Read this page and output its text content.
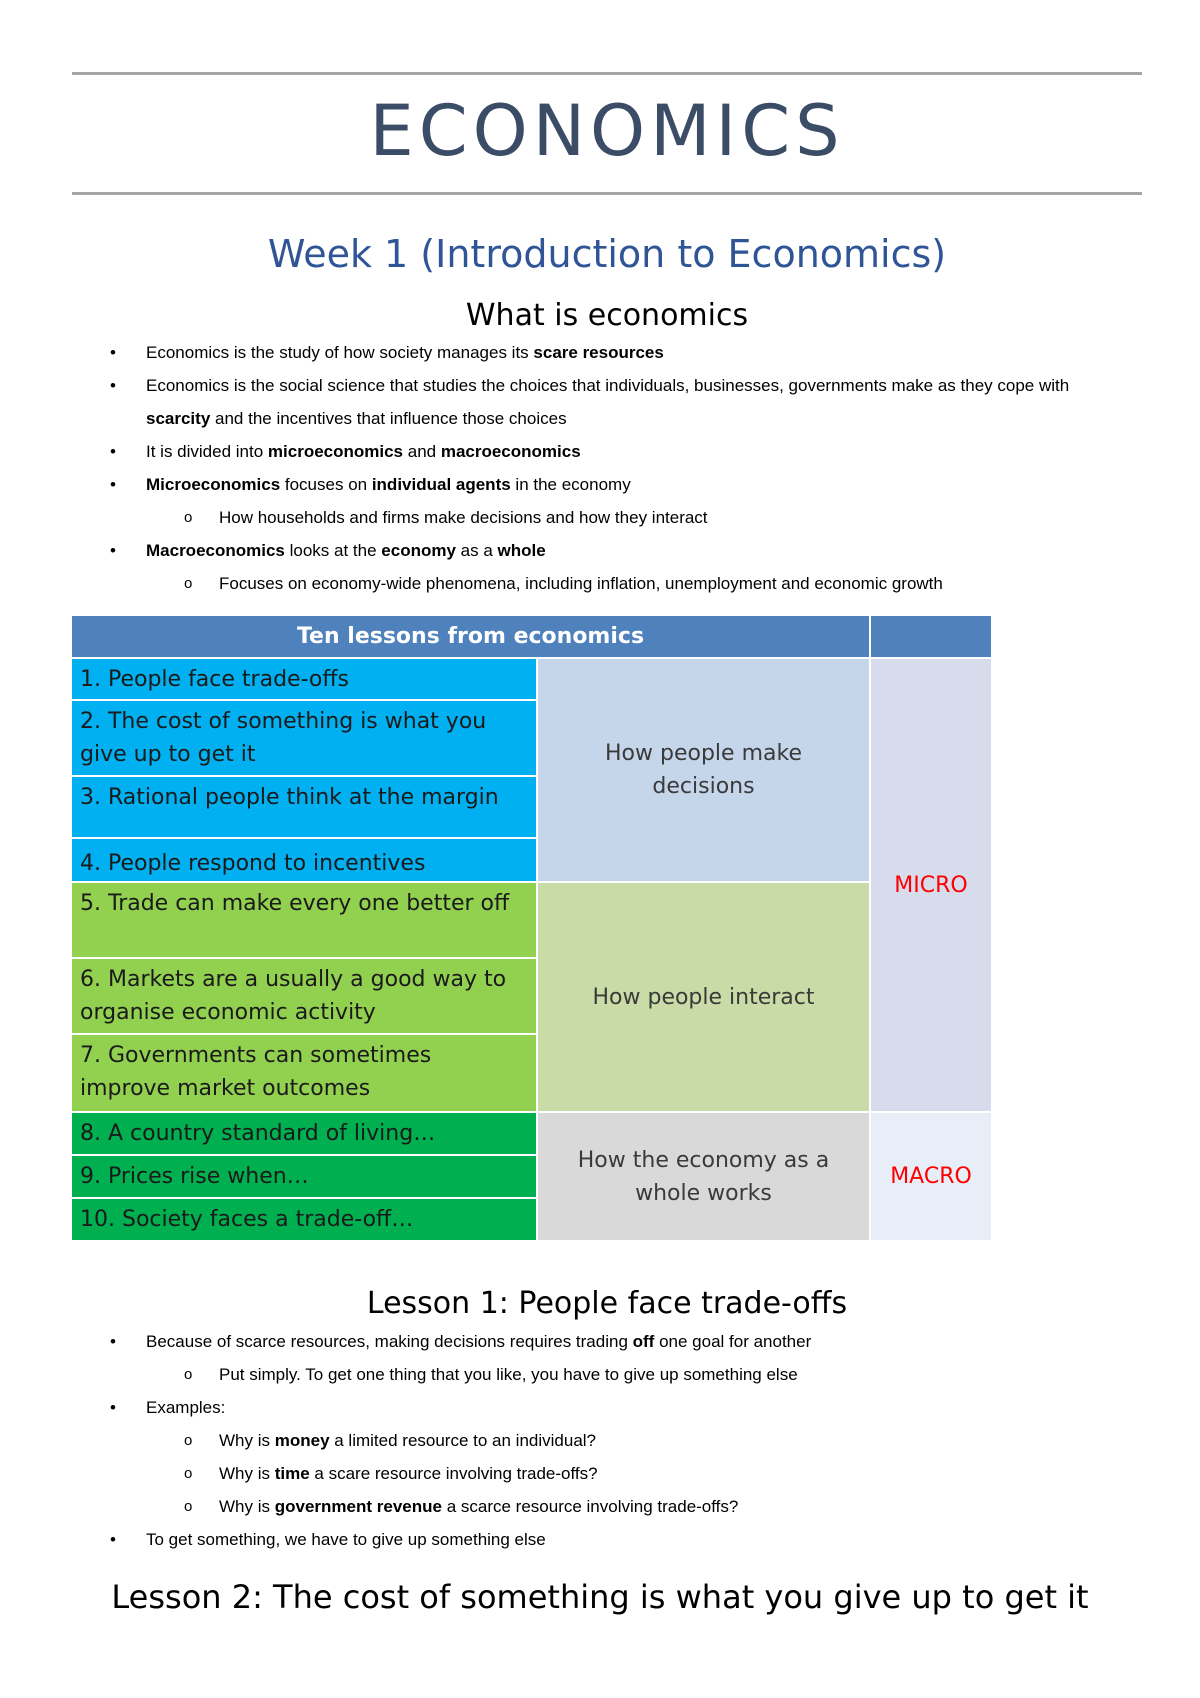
ECONOMICS
Week 1 (Introduction to Economics)
What is economics
• Economics is the study of how society manages its scare resources
• Economics is the social science that studies the choices that individuals, businesses, governments make as they cope with scarcity and the incentives that influence those choices
• It is divided into microeconomics and macroeconomics
• Microeconomics focuses on individual agents in the economy
o How households and firms make decisions and how they interact
• Macroeconomics looks at the economy as a whole
o Focuses on economy-wide phenomena, including inflation, unemployment and economic growth
Ten lessons from economics
1. People face trade-offs
2. The cost of something is what you give up to get it
3. Rational people think at the margin
4. People respond to incentives
5. Trade can make every one better off
6. Markets are a usually a good way to organise economic activity
7. Governments can sometimes improve market outcomes
8. A country standard of living…
9. Prices rise when…
10. Society faces a trade-off…
How people make decisions
How people interact
How the economy as a whole works
MICRO
MACRO
Lesson 1: People face trade-offs
• Because of scarce resources, making decisions requires trading off one goal for another
o Put simply. To get one thing that you like, you have to give up something else
• Examples:
o Why is money a limited resource to an individual?
o Why is time a scare resource involving trade-offs?
o Why is government revenue a scarce resource involving trade-offs?
• To get something, we have to give up something else
Lesson 2: The cost of something is what you give up to get it
